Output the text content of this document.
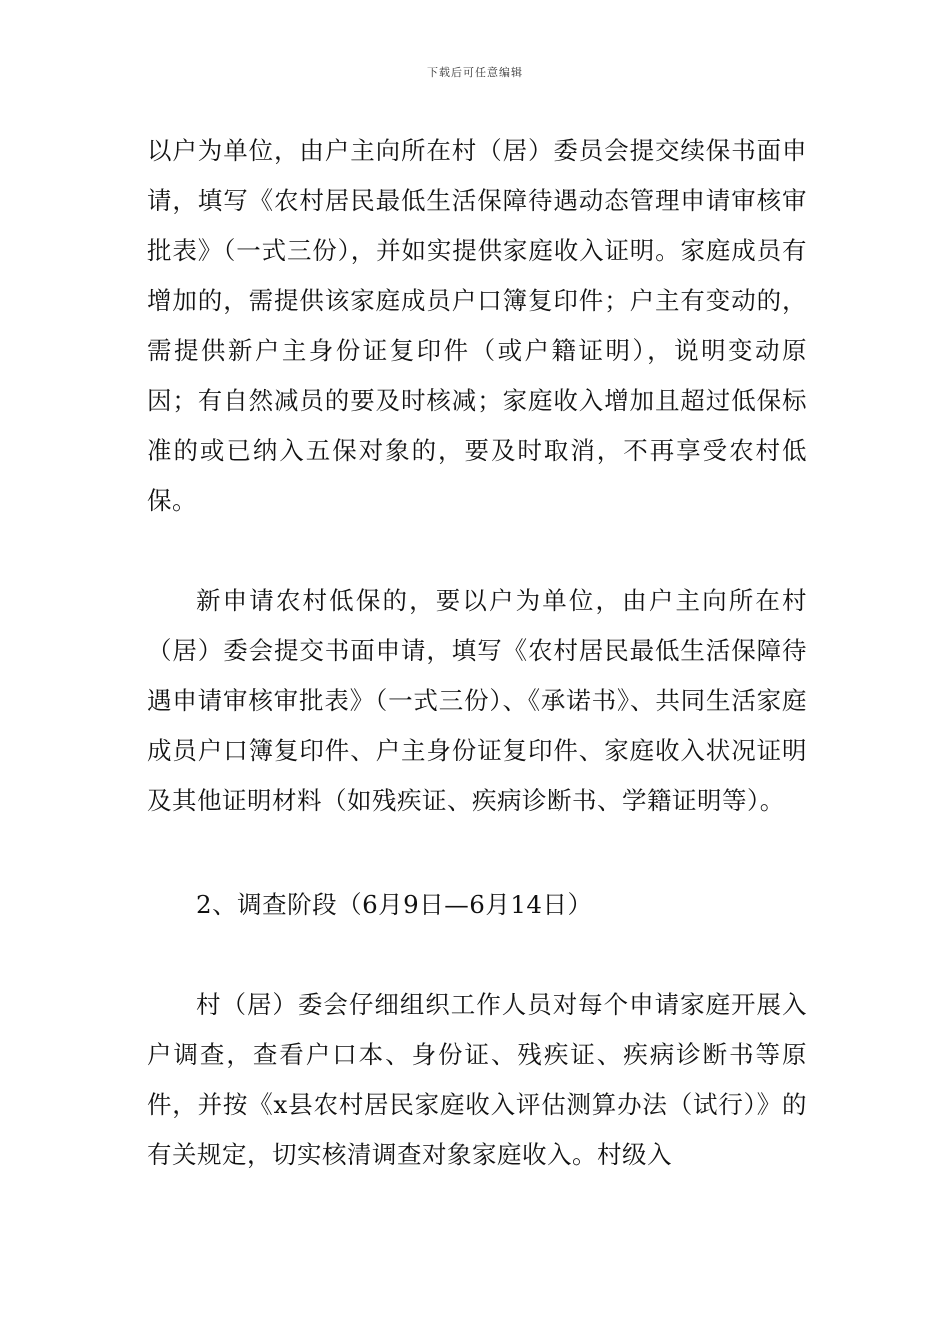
下载后可任意编辑

以户为单位，由户主向所在村（居）委员会提交续保书面申请，填写《农村居民最低生活保障待遇动态管理申请审核审批表》（一式三份），并如实提供家庭收入证明。家庭成员有增加的，需提供该家庭成员户口簿复印件；户主有变动的，需提供新户主身份证复印件（或户籍证明），说明变动原因；有自然减员的要及时核减；家庭收入增加且超过低保标准的或已纳入五保对象的，要及时取消，不再享受农村低保。

新申请农村低保的，要以户为单位，由户主向所在村（居）委会提交书面申请，填写《农村居民最低生活保障待遇申请审核审批表》（一式三份）、《承诺书》、共同生活家庭成员户口簿复印件、户主身份证复印件、家庭收入状况证明及其他证明材料（如残疾证、疾病诊断书、学籍证明等）。

2、调查阶段（6月9日—6月14日）

村（居）委会仔细组织工作人员对每个申请家庭开展入户调查，查看户口本、身份证、残疾证、疾病诊断书等原件，并按《x县农村居民家庭收入评估测算办法（试行）》的有关规定，切实核清调查对象家庭收入。村级入
